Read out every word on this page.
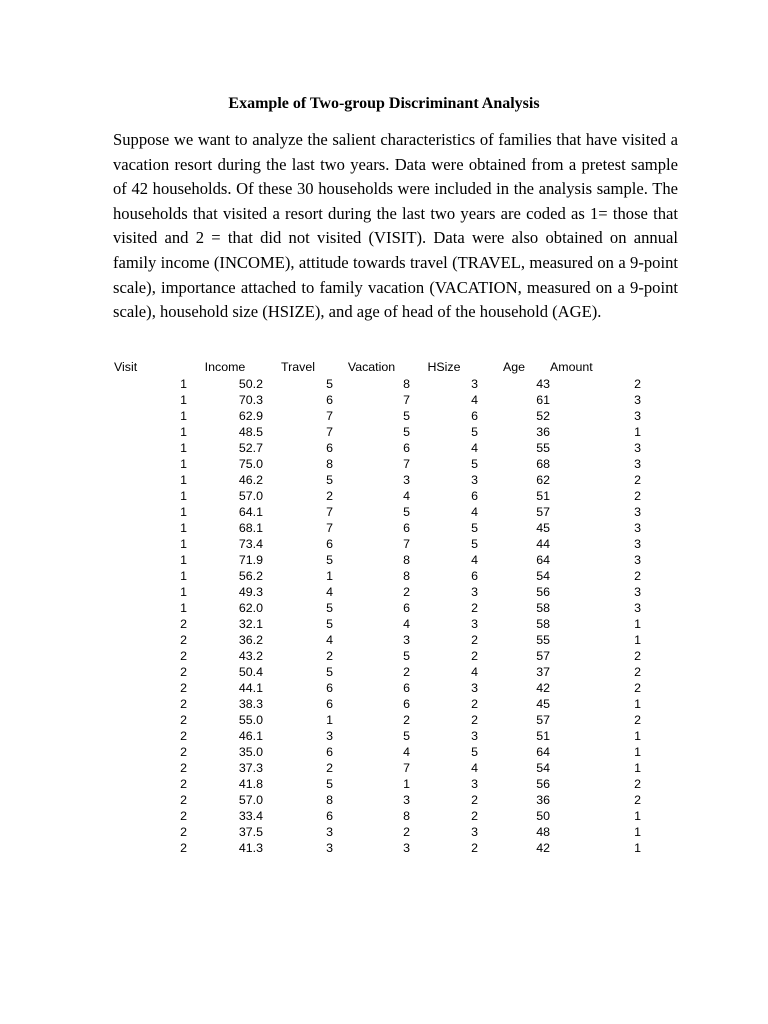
Example of Two-group Discriminant Analysis

Suppose we want to analyze the salient characteristics of families that have visited a vacation resort during the last two years. Data were obtained from a pretest sample of 42 households. Of these 30 households were included in the analysis sample. The households that visited a resort during the last two years are coded as 1= those that visited and 2 = that did not visited (VISIT). Data were also obtained on annual family income (INCOME), attitude towards travel (TRAVEL, measured on a 9-point scale), importance attached to family vacation (VACATION, measured on a 9-point scale), household size (HSIZE), and age of head of the household (AGE).

Visit	Income	Travel	Vacation	HSize	Age	Amount
1	50.2	5	8	3	43	2
1	70.3	6	7	4	61	3
1	62.9	7	5	6	52	3
1	48.5	7	5	5	36	1
1	52.7	6	6	4	55	3
1	75.0	8	7	5	68	3
1	46.2	5	3	3	62	2
1	57.0	2	4	6	51	2
1	64.1	7	5	4	57	3
1	68.1	7	6	5	45	3
1	73.4	6	7	5	44	3
1	71.9	5	8	4	64	3
1	56.2	1	8	6	54	2
1	49.3	4	2	3	56	3
1	62.0	5	6	2	58	3
2	32.1	5	4	3	58	1
2	36.2	4	3	2	55	1
2	43.2	2	5	2	57	2
2	50.4	5	2	4	37	2
2	44.1	6	6	3	42	2
2	38.3	6	6	2	45	1
2	55.0	1	2	2	57	2
2	46.1	3	5	3	51	1
2	35.0	6	4	5	64	1
2	37.3	2	7	4	54	1
2	41.8	5	1	3	56	2
2	57.0	8	3	2	36	2
2	33.4	6	8	2	50	1
2	37.5	3	2	3	48	1
2	41.3	3	3	2	42	1
